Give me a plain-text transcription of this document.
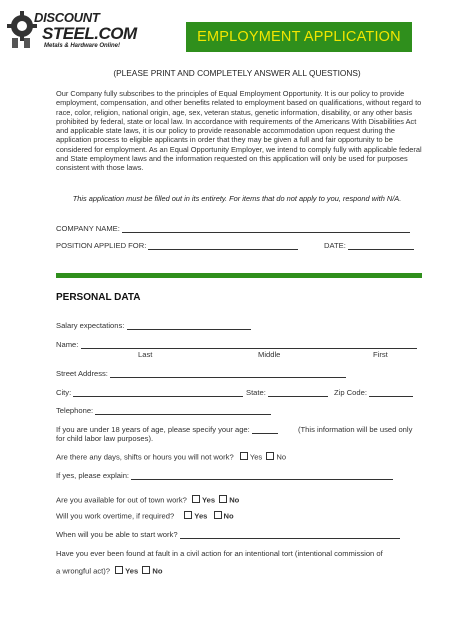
DISCOUNT
STEEL.COM
Metals & Hardware Online!
EMPLOYMENT APPLICATION
(PLEASE PRINT AND COMPLETELY ANSWER ALL QUESTIONS)
Our Company fully subscribes to the principles of Equal Employment Opportunity. It is our policy to provide employment, compensation, and other benefits related to employment based on qualifications, without regard to race, color, religion, national origin, age, sex, veteran status, genetic information, disability, or any other basis prohibited by federal, state or local law. In accordance with requirements of the Americans With Disabilities Act and applicable state laws, it is our policy to provide reasonable accommodation upon request during the application process to eligible applicants in order that they may be given a full and fair opportunity to be considered for employment. As an Equal Opportunity Employer, we intend to comply fully with applicable federal and State employment laws and the information requested on this application will only be used for purposes consistent with those laws.
This application must be filled out in its entirety. For items that do not apply to you, respond with N/A.
COMPANY NAME:
POSITION APPLIED FOR:	DATE:
PERSONAL DATA
Salary expectations:
Name:
Last	Middle	First
Street Address:
City:	State:	Zip Code:
Telephone:
If you are under 18 years of age, please specify your age:	(This information will be used only
for child labor law purposes).
Are there any days, shifts or hours you will not work? Yes No
If yes, please explain:
Are you available for out of town work? Yes No
Will you work overtime, if required?	Yes No
When will you be able to start work?
Have you ever been found at fault in a civil action for an intentional tort (intentional commission of
a wrongful act)? Yes No
